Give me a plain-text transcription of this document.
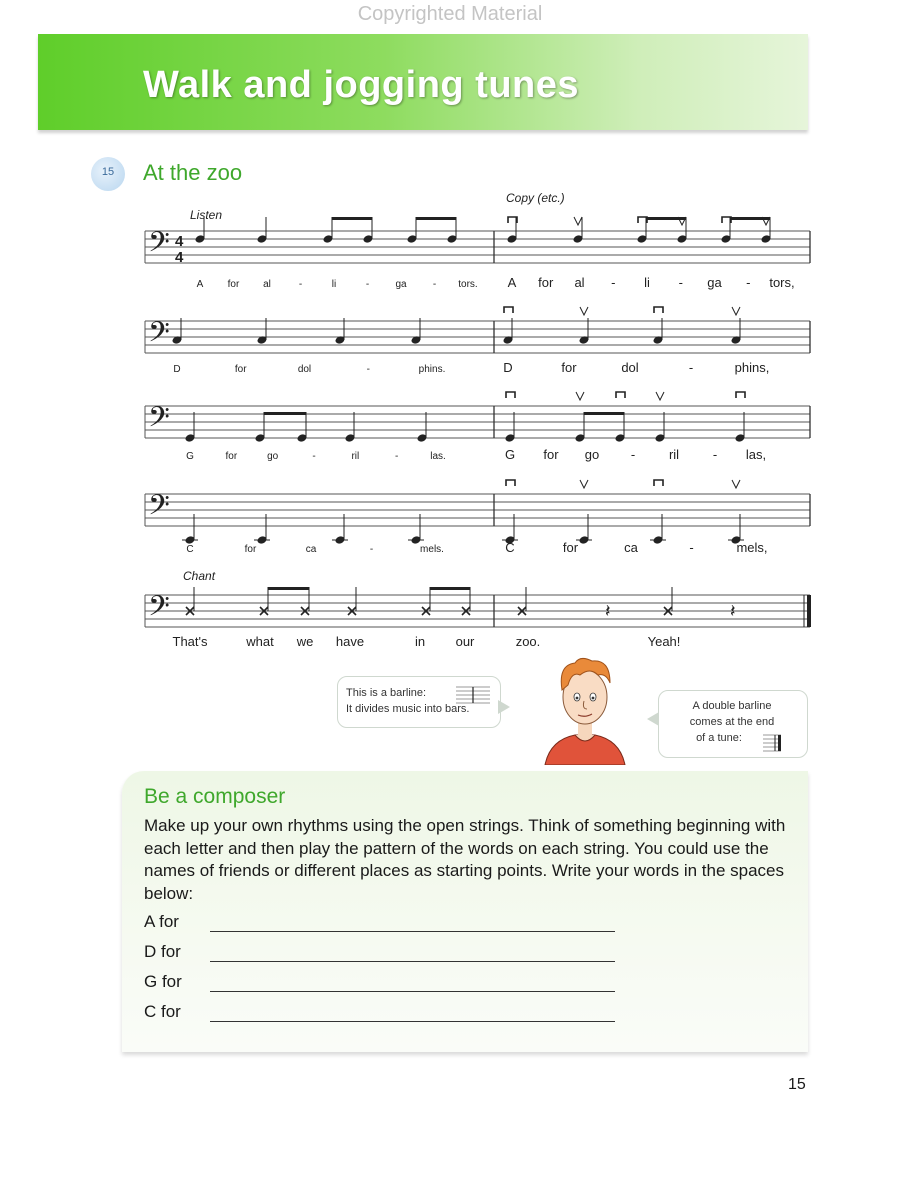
Copyrighted Material
Walk and jogging tunes
15	At the zoo
𝄢 4
4
A for al	-	li	-	ga	- tors. A for al - li - ga - tors,
𝄢
D	for	dol	-	phins.	D	for	dol	-	phins,
𝄢
G	for	go	-	ril	-	las.	G for go -	ril	- las,
𝄢
C	for	ca	-	mels.	C	for	ca	-	mels,
𝄢	𝄽	𝄽
That's	what we have	in our	zoo.	Yeah!
Listen
Copy (etc.)
Chant
This is a barline:
It divides music into bars.	A double barline
comes at the end
of a tune:
Be a composer

Make up your own rhythms using the open strings. Think of something beginning with each letter and then play the pattern of the words on each string. You could use the names of friends or different places as starting points. Write your words in the spaces below:

A for
D for
G for
C for
15
